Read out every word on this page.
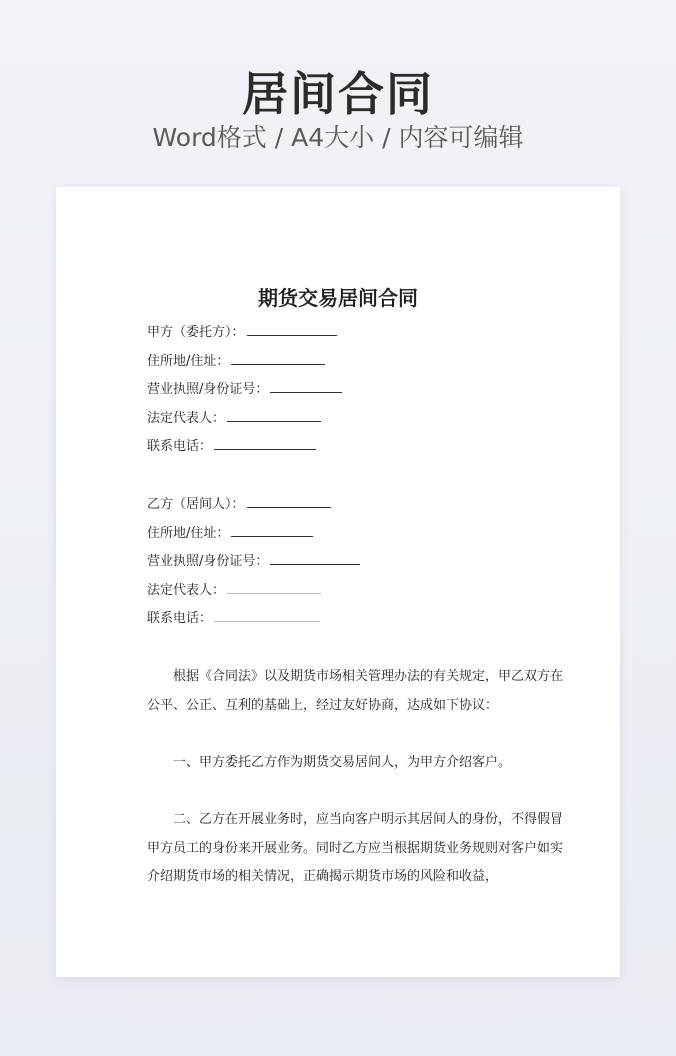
居间合同
Word格式 / A4大小 / 内容可编辑
期货交易居间合同
甲方（委托方）：
住所地/住址：
营业执照/身份证号：
法定代表人：
联系电话：
乙方（居间人）：
住所地/住址：
营业执照/身份证号：
法定代表人：
联系电话：

根据《合同法》以及期货市场相关管理办法的有关规定，甲乙双方在公平、公正、互利的基础上，经过友好协商，达成如下协议：

一、甲方委托乙方作为期货交易居间人，为甲方介绍客户。

二、乙方在开展业务时，应当向客户明示其居间人的身份，不得假冒甲方员工的身份来开展业务。同时乙方应当根据期货业务规则对客户如实介绍期货市场的相关情况，正确揭示期货市场的风险和收益，
